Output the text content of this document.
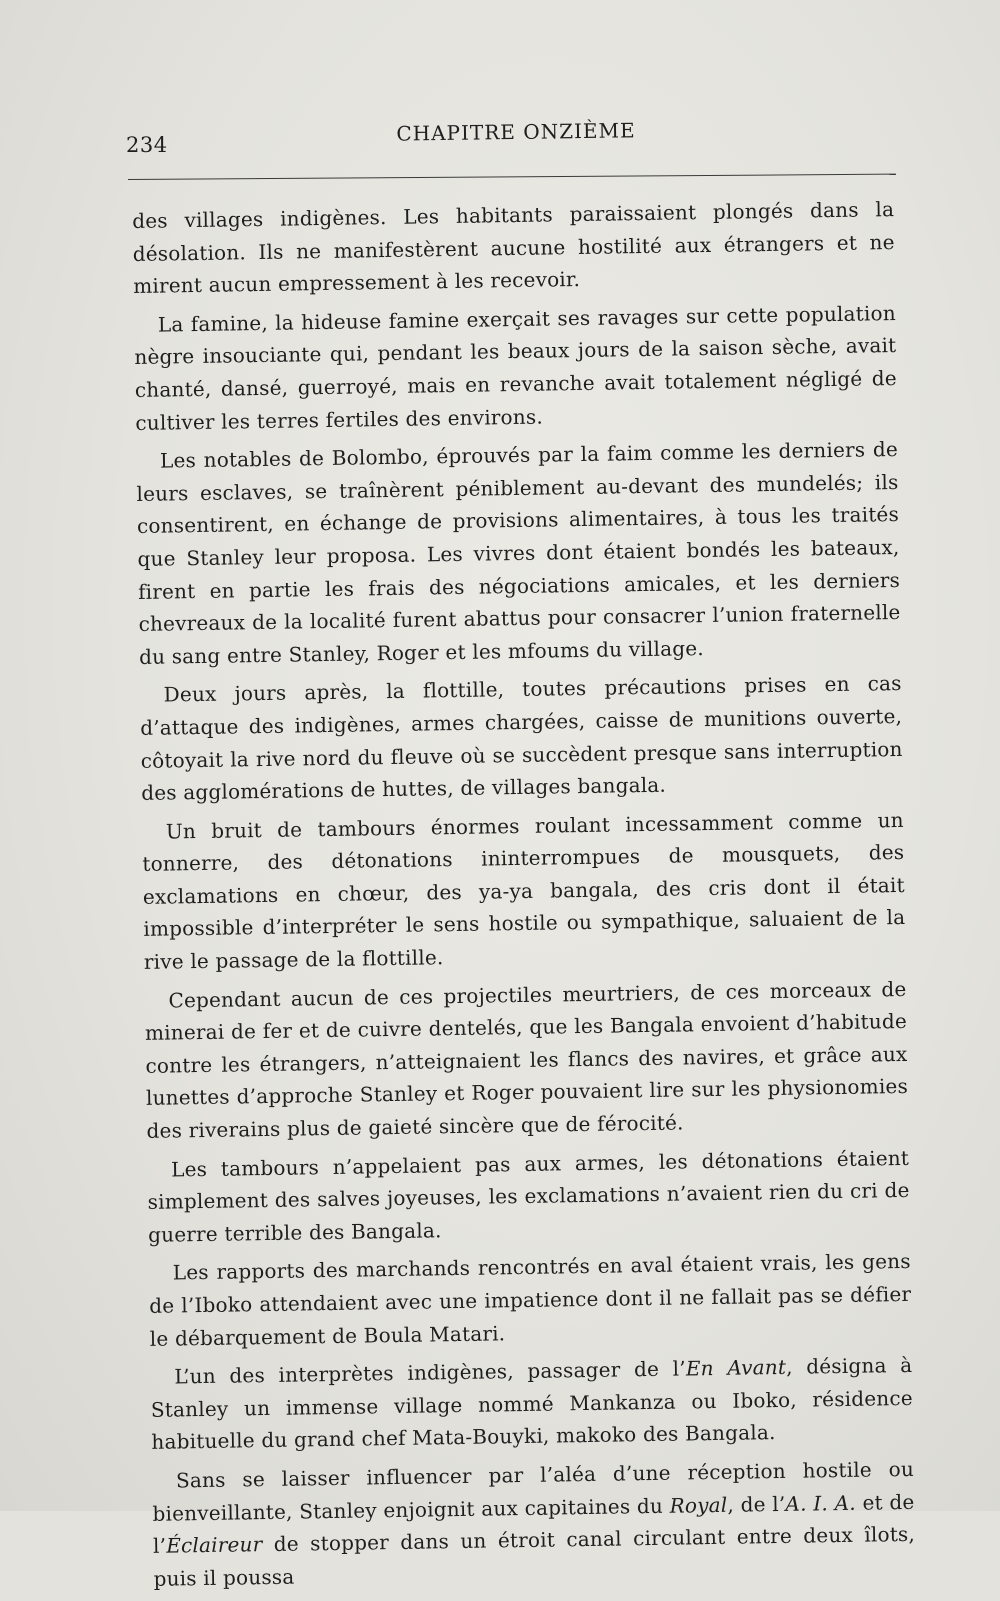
234	CHAPITRE ONZIÈME

des villages indigènes. Les habitants paraissaient plongés dans la désolation. Ils ne manifestèrent aucune hostilité aux étrangers et ne mirent aucun empressement à les recevoir.

La famine, la hideuse famine exerçait ses ravages sur cette population nègre insouciante qui, pendant les beaux jours de la saison sèche, avait chanté, dansé, guerroyé, mais en revanche avait totalement négligé de cultiver les terres fertiles des environs.

Les notables de Bolombo, éprouvés par la faim comme les derniers de leurs esclaves, se traînèrent péniblement au-devant des mundelés; ils consentirent, en échange de provisions alimentaires, à tous les traités que Stanley leur proposa. Les vivres dont étaient bondés les bateaux, firent en partie les frais des négociations amicales, et les derniers chevreaux de la localité furent abattus pour consacrer l’union fraternelle du sang entre Stanley, Roger et les mfoums du village.

Deux jours après, la flottille, toutes précautions prises en cas d’attaque des indigènes, armes chargées, caisse de munitions ouverte, côtoyait la rive nord du fleuve où se succèdent presque sans interruption des agglomérations de huttes, de villages bangala.

Un bruit de tambours énormes roulant incessamment comme un tonnerre, des détonations ininterrompues de mousquets, des exclamations en chœur, des ya-ya bangala, des cris dont il était impossible d’interpréter le sens hostile ou sympathique, saluaient de la rive le passage de la flottille.

Cependant aucun de ces projectiles meurtriers, de ces morceaux de minerai de fer et de cuivre dentelés, que les Bangala envoient d’habitude contre les étrangers, n’atteignaient les flancs des navires, et grâce aux lunettes d’approche Stanley et Roger pouvaient lire sur les physionomies des riverains plus de gaieté sincère que de férocité.

Les tambours n’appelaient pas aux armes, les détonations étaient simplement des salves joyeuses, les exclamations n’avaient rien du cri de guerre terrible des Bangala.

Les rapports des marchands rencontrés en aval étaient vrais, les gens de l’Iboko attendaient avec une impatience dont il ne fallait pas se défier le débarquement de Boula Matari.

L’un des interprètes indigènes, passager de l’En Avant, désigna à Stanley un immense village nommé Mankanza ou Iboko, résidence habituelle du grand chef Mata-Bouyki, makoko des Bangala.

Sans se laisser influencer par l’aléa d’une réception hostile ou bienveillante, Stanley enjoignit aux capitaines du Royal, de l’A. I. A. et de l’Éclaireur de stopper dans un étroit canal circulant entre deux îlots, puis il poussa
